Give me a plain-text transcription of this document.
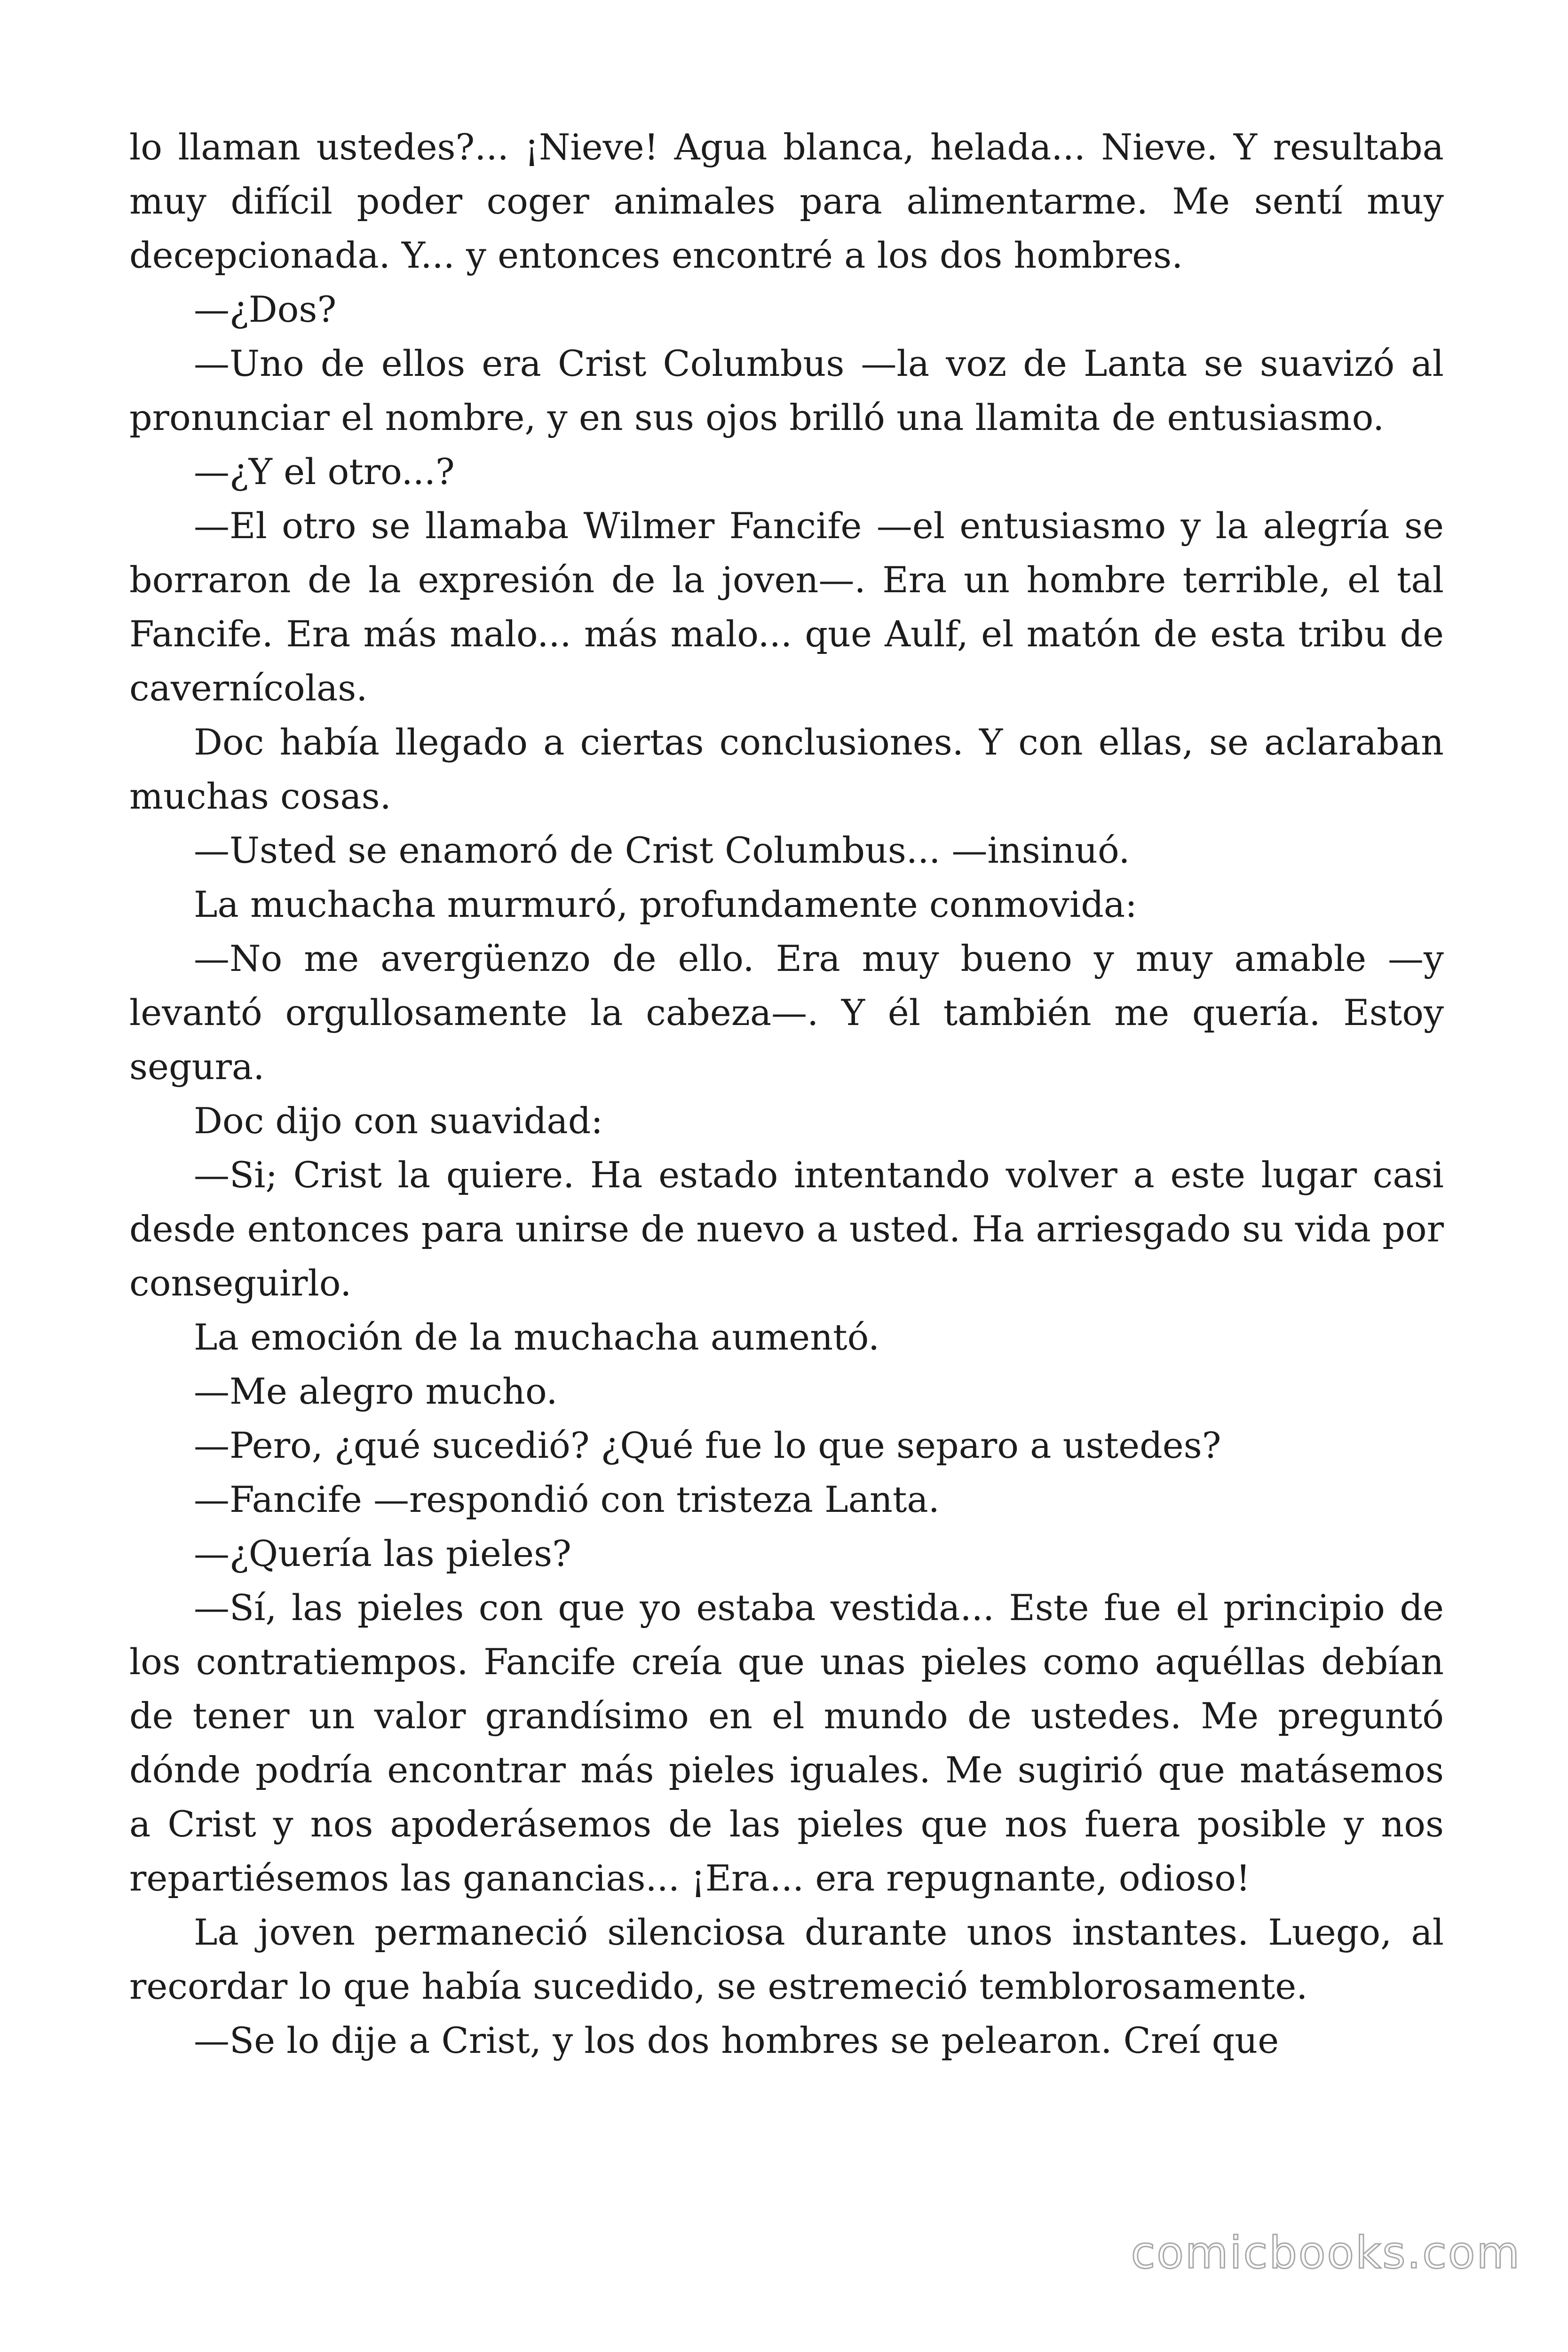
lo llaman ustedes?... ¡Nieve! Agua blanca, helada... Nieve. Y resultaba muy difícil poder coger animales para alimentarme. Me sentí muy decepcionada. Y... y entonces encontré a los dos hombres.

—¿Dos?

—Uno de ellos era Crist Columbus —la voz de Lanta se suavizó al pronunciar el nombre, y en sus ojos brilló una llamita de entusiasmo.

—¿Y el otro...?

—El otro se llamaba Wilmer Fancife —el entusiasmo y la alegría se borraron de la expresión de la joven—. Era un hombre terrible, el tal Fancife. Era más malo... más malo... que Aulf, el matón de esta tribu de cavernícolas.

Doc había llegado a ciertas conclusiones. Y con ellas, se aclaraban muchas cosas.

—Usted se enamoró de Crist Columbus... —insinuó.

La muchacha murmuró, profundamente conmovida:

—No me avergüenzo de ello. Era muy bueno y muy amable —y levantó orgullosamente la cabeza—. Y él también me quería. Estoy segura.

Doc dijo con suavidad:

—Si; Crist la quiere. Ha estado intentando volver a este lugar casi desde entonces para unirse de nuevo a usted. Ha arriesgado su vida por conseguirlo.

La emoción de la muchacha aumentó.

—Me alegro mucho.

—Pero, ¿qué sucedió? ¿Qué fue lo que separo a ustedes?

—Fancife —respondió con tristeza Lanta.

—¿Quería las pieles?

—Sí, las pieles con que yo estaba vestida... Este fue el principio de los contratiempos. Fancife creía que unas pieles como aquéllas debían de tener un valor grandísimo en el mundo de ustedes. Me preguntó dónde podría encontrar más pieles iguales. Me sugirió que matásemos a Crist y nos apoderásemos de las pieles que nos fuera posible y nos repartiésemos las ganancias... ¡Era... era repugnante, odioso!

La joven permaneció silenciosa durante unos instantes. Luego, al recordar lo que había sucedido, se estremeció temblorosamente.

—Se lo dije a Crist, y los dos hombres se pelearon. Creí que

comicbooks.com
